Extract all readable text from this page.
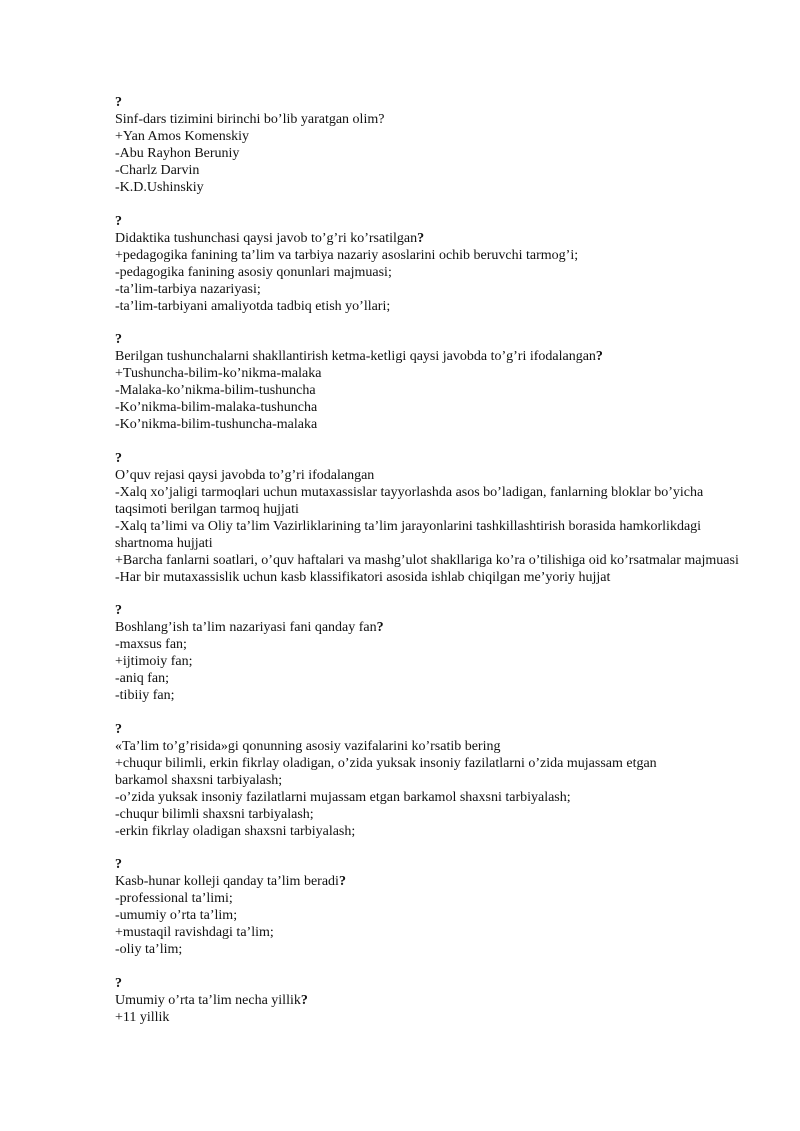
?
Sinf-dars tizimini birinchi bo’lib yaratgan olim?
+Yan Amos Komenskiy
-Abu Rayhon Beruniy
-Charlz Darvin
-K.D.Ushinskiy
?
Didaktika tushunchasi qaysi javob to’g’ri ko’rsatilgan?
+pedagogika fanining ta’lim va tarbiya nazariy asoslarini ochib beruvchi tarmog’i;
-pedagogika fanining asosiy qonunlari majmuasi;
-ta’lim-tarbiya nazariyasi;
-ta’lim-tarbiyani amaliyotda tadbiq etish yo’llari;
?
Berilgan tushunchalarni shakllantirish ketma-ketligi qaysi javobda to’g’ri ifodalangan?
+Tushuncha-bilim-ko’nikma-malaka
-Malaka-ko’nikma-bilim-tushuncha
-Ko’nikma-bilim-malaka-tushuncha
-Ko’nikma-bilim-tushuncha-malaka
?
O’quv rejasi qaysi javobda to’g’ri ifodalangan
-Xalq xo’jaligi tarmoqlari uchun mutaxassislar tayyorlashda asos bo’ladigan, fanlarning bloklar bo’yicha taqsimoti berilgan tarmoq hujjati
-Xalq ta’limi va Oliy ta’lim Vazirliklarining ta’lim jarayonlarini tashkillashtirish borasida hamkorlikdagi shartnoma hujjati
+Barcha fanlarni soatlari, o’quv haftalari va mashg’ulot shakllariga ko’ra o’tilishiga oid ko’rsatmalar majmuasi
-Har bir mutaxassislik uchun kasb klassifikatori asosida ishlab chiqilgan me’yoriy hujjat
?
Boshlang’ish ta’lim nazariyasi fani qanday fan?
-maxsus fan;
+ijtimoiy fan;
-aniq fan;
-tibiiy fan;
?
«Ta’lim to’g’risida»gi qonunning asosiy vazifalarini ko’rsatib bering
+chuqur bilimli, erkin fikrlay oladigan, o’zida yuksak insoniy fazilatlarni o’zida mujassam etgan barkamol shaxsni tarbiyalash;
-o’zida yuksak insoniy fazilatlarni mujassam etgan barkamol shaxsni tarbiyalash;
-chuqur bilimli shaxsni tarbiyalash;
-erkin fikrlay oladigan shaxsni tarbiyalash;
?
Kasb-hunar kolleji qanday ta’lim beradi?
-professional ta’limi;
-umumiy o’rta ta’lim;
+mustaqil ravishdagi ta’lim;
-oliy ta’lim;
?
Umumiy o’rta ta’lim necha yillik?
+11 yillik
